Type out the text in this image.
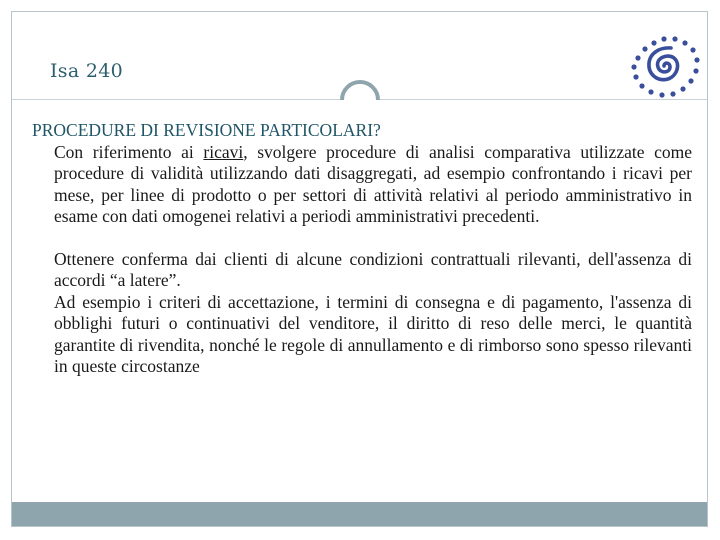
Isa 240
PROCEDURE DI REVISIONE PARTICOLARI?
Con riferimento ai ricavi, svolgere procedure di analisi comparativa utilizzate come procedure di validità utilizzando dati disaggregati, ad esempio confrontando i ricavi per mese, per linee di prodotto o per settori di attività relativi al periodo amministrativo in esame con dati omogenei relativi a periodi amministrativi precedenti.

Ottenere conferma dai clienti di alcune condizioni contrattuali rilevanti, dell'assenza di accordi “a latere”.

Ad esempio i criteri di accettazione, i termini di consegna e di pagamento, l'assenza di obblighi futuri o continuativi del venditore, il diritto di reso delle merci, le quantità garantite di rivendita, nonché le regole di annullamento e di rimborso sono spesso rilevanti in queste circostanze
